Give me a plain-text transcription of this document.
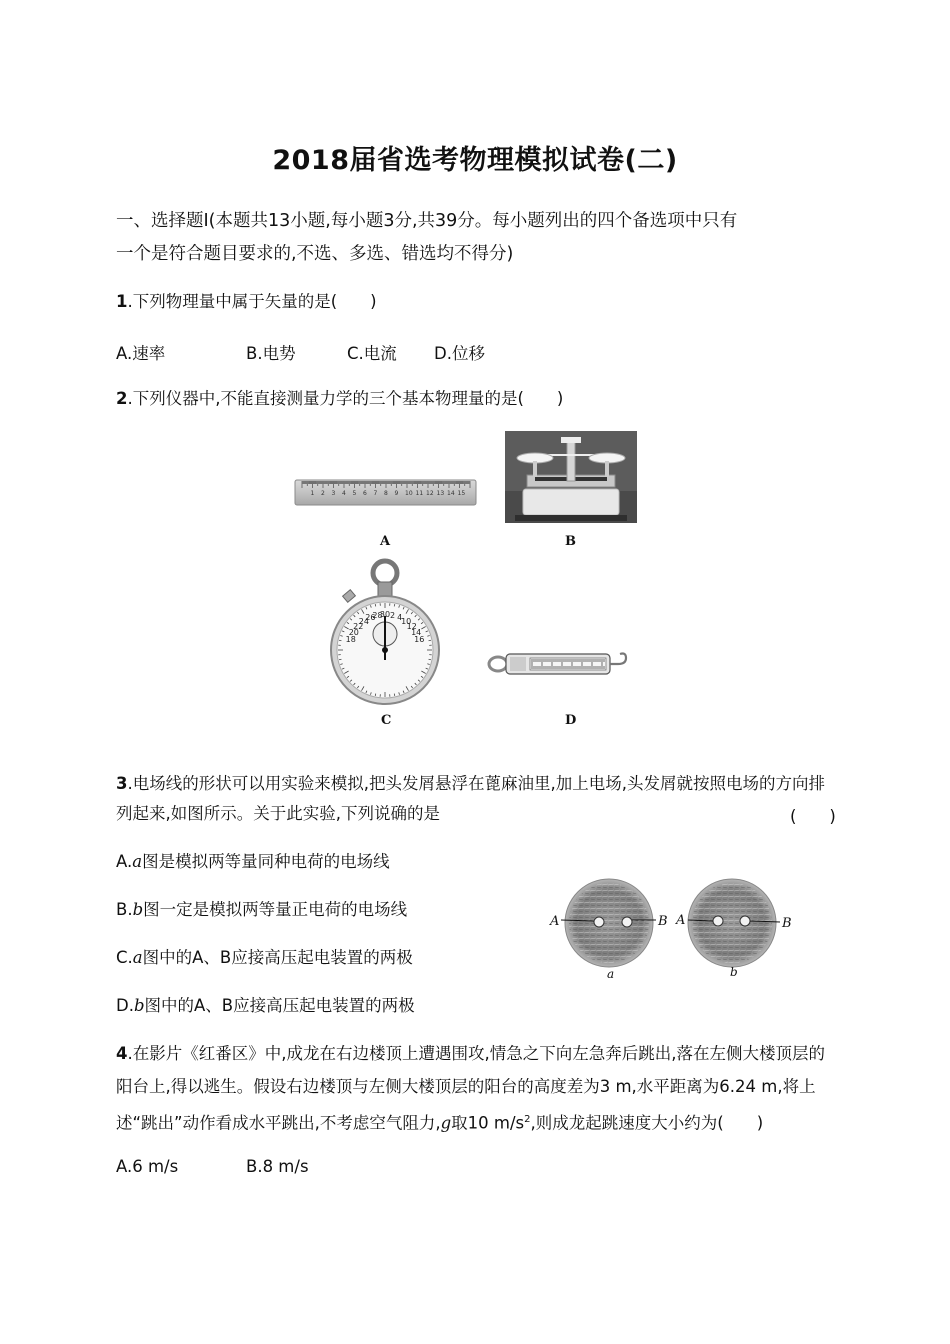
2018届省选考物理模拟试卷(二)
一、选择题Ⅰ(本题共13小题,每小题3分,共39分。每小题列出的四个备选项中只有
一个是符合题目要求的,不选、多选、错选均不得分)
1.下列物理量中属于矢量的是(　　)
A.速率	B.电势	C.电流 D.位移
2.下列仪器中,不能直接测量力学的三个基本物理量的是(　　)
1 2 3 4 5 6 7 8 9 10 11 12 13 14 15
A	B
30
28 2
26	4
24
22
20
18	16
14
12
10
C	D
3.电场线的形状可以用实验来模拟,把头发屑悬浮在蓖麻油里,加上电场,头发屑就按照电场的方向排
列起来,如图所示。关于此实验,下列说确的是	(　　)
A.a图是模拟两等量同种电荷的电场线
B.b图一定是模拟两等量正电荷的电场线
C.a图中的A、B应接高压起电装置的两极
D.b图中的A、B应接高压起电装置的两极
A	B A	B
a	b
4.在影片《红番区》中,成龙在右边楼顶上遭遇围攻,情急之下向左急奔后跳出,落在左侧大楼顶层的
阳台上,得以逃生。假设右边楼顶与左侧大楼顶层的阳台的高度差为3 m,水平距离为6.24 m,将上
述“跳出”动作看成水平跳出,不考虑空气阻力,g取10 $m/s^2$,则成龙起跳速度大小约为(　　)
A.6 m/s	B.8 m/s
